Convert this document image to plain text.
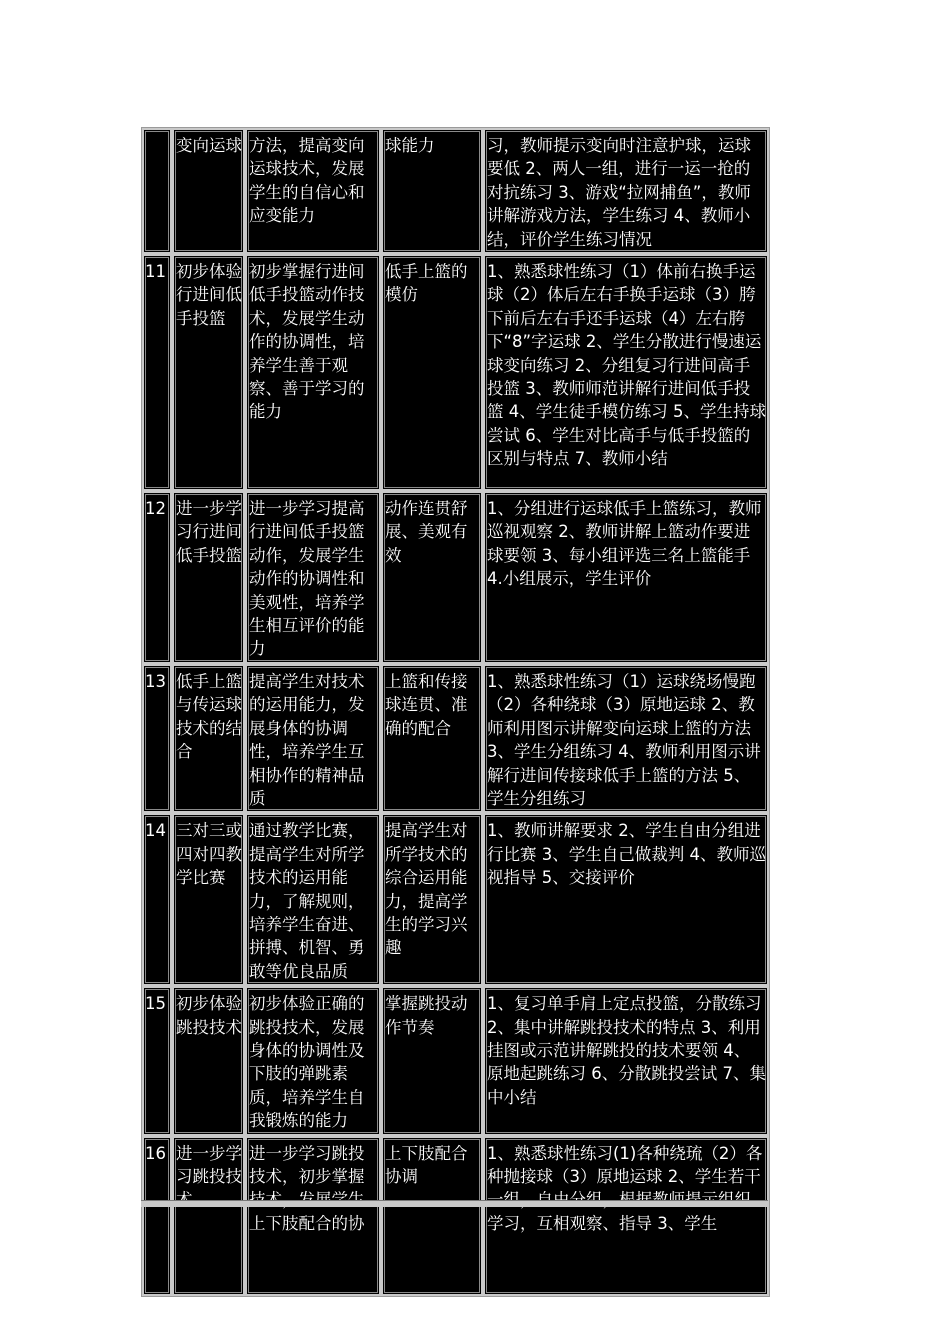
	变向运球	方法，提高变向运球技术，发展学生的自信心和应变能力	球能力	习，教师提示变向时注意护球，运球要低 2、两人一组，进行一运一抢的对抗练习 3、游戏“拉网捕鱼”，教师讲解游戏方法，学生练习 4、教师小结，评价学生练习情况
11	初步体验行进间低手投篮	初步掌握行进间低手投篮动作技术，发展学生动作的协调性，培养学生善于观察、善于学习的能力	低手上篮的模仿	1、熟悉球性练习（1）体前右换手运球（2）体后左右手换手运球（3）胯下前后左右手还手运球（4）左右胯下“8”字运球 2、学生分散进行慢速运球变向练习 2、分组复习行进间高手投篮 3、教师师范讲解行进间低手投篮 4、学生徒手模仿练习 5、学生持球尝试 6、学生对比高手与低手投篮的区别与特点 7、教师小结
12	进一步学习行进间低手投篮	进一步学习提高行进间低手投篮动作，发展学生动作的协调性和美观性，培养学生相互评价的能力	动作连贯舒展、美观有效	1、分组进行运球低手上篮练习，教师巡视观察 2、教师讲解上篮动作要进球要领 3、每小组评选三名上篮能手 4.小组展示，学生评价
13	低手上篮与传运球技术的结合	提高学生对技术的运用能力，发展身体的协调性，培养学生互相协作的精神品质	上篮和传接球连贯、准确的配合	1、熟悉球性练习（1）运球绕场慢跑（2）各种绕球（3）原地运球 2、教师利用图示讲解变向运球上篮的方法 3、学生分组练习 4、教师利用图示讲解行进间传接球低手上篮的方法 5、学生分组练习
14	三对三或四对四教学比赛	通过教学比赛，提高学生对所学技术的运用能力，了解规则，培养学生奋进、拼搏、机智、勇敢等优良品质	提高学生对所学技术的综合运用能力，提高学生的学习兴趣	1、教师讲解要求 2、学生自由分组进行比赛 3、学生自己做裁判 4、教师巡视指导 5、交接评价
15	初步体验跳投技术	初步体验正确的跳投技术，发展身体的协调性及下肢的弹跳素质，培养学生自我锻炼的能力	掌握跳投动作节奏	1、复习单手肩上定点投篮，分散练习 2、集中讲解跳投技术的特点 3、利用挂图或示范讲解跳投的技术要领 4、原地起跳练习 6、分散跳投尝试 7、集中小结
16	进一步学习跳投技	进一步学习跳投技术，初步掌握 上下肢配合的协	上下肢配合协调	1、熟悉球性练习(1)各种绕琉（2）各种抛接球（3）原地运球 2、学生若干 学习，互相观察、指导 3、学生
